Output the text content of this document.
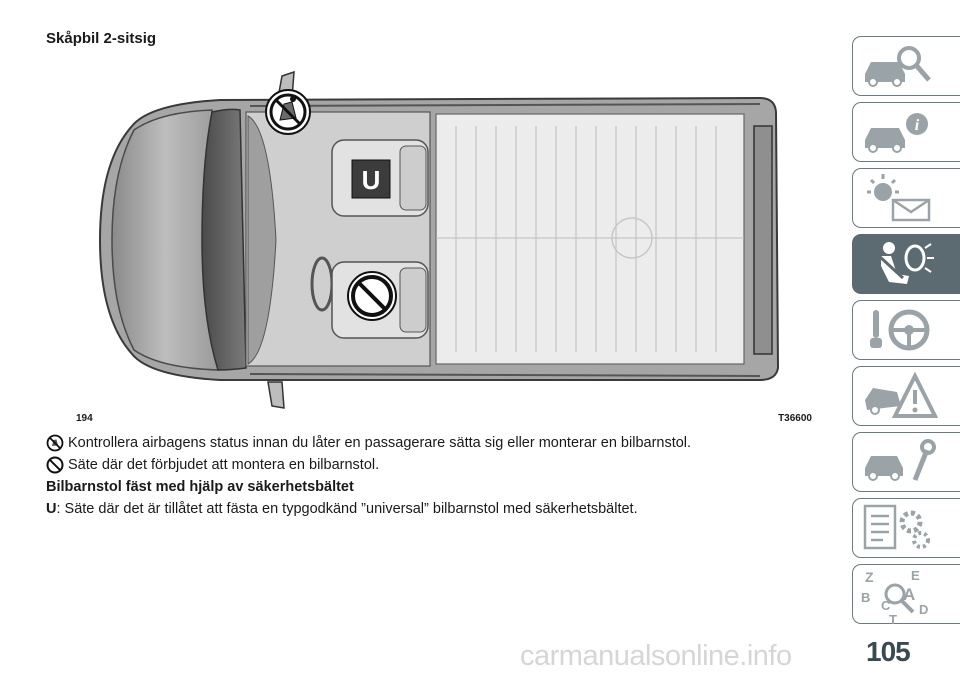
Skåpbil 2-sitsig
U
194	T36600
Kontrollera airbagens status innan du låter en passagerare sätta sig eller monterar en bilbarnstol.
Säte där det förbjudet att montera en bilbarnstol.
Bilbarnstol fäst med hjälp av säkerhetsbältet
U : Säte där det är tillåtet att fästa en typgodkänd ”universal” bilbarnstol med säkerhetsbältet.
i
Z	E
B A
C D
T
105
carmanualsonline.info
